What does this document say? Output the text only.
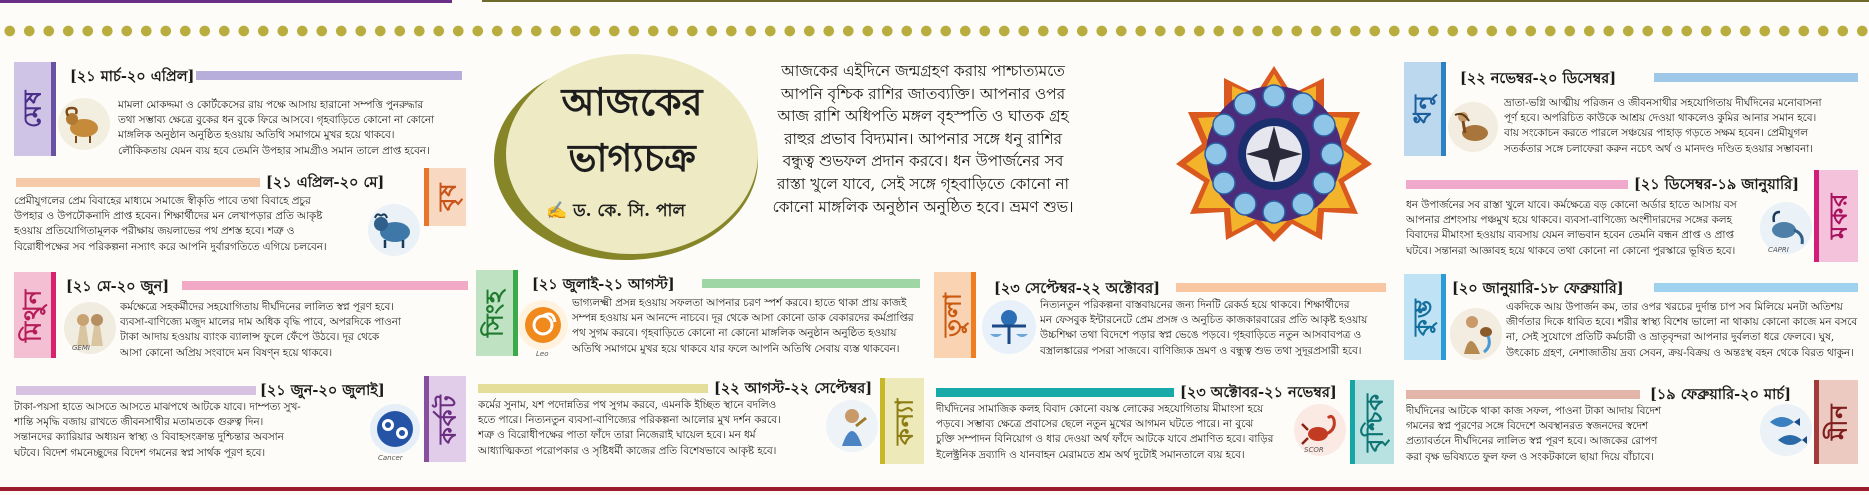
আজকের
ভাগ্যচক্র
✍ ড. কে. সি. পাল
আজকের এইদিনে জন্মগ্রহণ করায় পাশ্চাত্যমতে আপনি বৃশ্চিক রাশির জাতব্যক্তি। আপনার ওপর আজ রাশি অধিপতি মঙ্গল বৃহস্পতি ও ঘাতক গ্রহ রাহুর প্রভাব বিদ্যমান। আপনার সঙ্গে ধনু রাশির বন্ধুত্ব শুভফল প্রদান করবে। ধন উপার্জনের সব রাস্তা খুলে যাবে, সেই সঙ্গে গৃহবাড়িতে কোনো না কোনো মাঙ্গলিক অনুষ্ঠান অনুষ্ঠিত হবে। ভ্রমণ শুভ।
মেষ
[২১ মার্চ-২০ এপ্রিল]
মামলা মোকদ্দমা ও কোর্টকেসের রায় পক্ষে আসায় হারানো সম্পত্তি পুনরুদ্ধার
তথা সম্ভাব্য ক্ষেত্রে বুকের ধন বুকে ফিরে আসবে। গৃহবাড়িতে কোনো না কোনো
মাঙ্গলিক অনুষ্ঠান অনুষ্ঠিত হওয়ায় অতিথি সমাগমে মুখর হয়ে থাকবে।
লৌকিকতায় যেমন ব্যয় হবে তেমনি উপহার সামগ্রীও সমান তালে প্রাপ্ত হবেন।
[২১ এপ্রিল-২০ মে]
বৃষ
প্রেমীযুগলের প্রেম বিবাহের মাধ্যমে সমাজে স্বীকৃতি পাবে তথা বিবাহে প্রচুর
উপহার ও উপঢৌকনাদি প্রাপ্ত হবেন। শিক্ষার্থীদের মন লেখাপড়ার প্রতি আকৃষ্ট
হওয়ায় প্রতিযোগিতামূলক পরীক্ষায় জয়লাভের পথ প্রশস্ত হবে। শত্রু ও
বিরোধীপক্ষের সব পরিকল্পনা নস্যাৎ করে আপনি দুর্বারগতিতে এগিয়ে চলবেন।
মিথুন
[২১ মে-২০ জুন]
GEMI
কর্মক্ষেত্রে সহকর্মীদের সহযোগিতায় দীর্ঘদিনের লালিত স্বপ্ন পূরণ হবে।
ব্যবসা-বাণিজ্যে মজুদ মালের দাম অধিক বৃদ্ধি পাবে, অপরদিকে পাওনা
টাকা আদায় হওয়ায় ব্যাংক ব্যালান্স ফুলে ফেঁপে উঠবে। দূর থেকে
আসা কোনো অপ্রিয় সংবাদে মন বিষণ্ন হয়ে থাকবে।
[২১ জুন-২০ জুলাই]
কর্কট
টাকা-পয়সা হাতে আসতে আসতে মাঝপথে আটকে যাবে। দাম্পত্য সুখ-
শান্তি সমৃদ্ধি বজায় রাখতে জীবনসাথীর মতামতকে গুরুত্ব দিন।
সন্তানদের ক্যারিয়ার অধ্যয়ন স্বাস্থ্য ও বিবাহসংক্রান্ত দুশ্চিন্তার অবসান
ঘটবে। বিদেশ গমনেচ্ছুদের বিদেশ গমনের স্বপ্ন সার্থক পূরণ হবে।	Cancer
সিংহ
[২১ জুলাই-২১ আগস্ট]
Leo
ভাগ্যলক্ষ্মী প্রসন্ন হওয়ায় সফলতা আপনার চরণ স্পর্শ করবে। হাতে থাকা প্রায় কাজই
সম্পন্ন হওয়ায় মন আনন্দে নাচবে। দূর থেকে আসা কোনো ডাক বেকারদের কর্মপ্রাপ্তির
পথ সুগম করবে। গৃহবাড়িতে কোনো না কোনো মাঙ্গলিক অনুষ্ঠান অনুষ্ঠিত হওয়ায়
অতিথি সমাগমে মুখর হয়ে থাকবে যার ফলে আপনি অতিথি সেবায় ব্যস্ত থাকবেন।
[২২ আগস্ট-২২ সেপ্টেম্বর]
কন্যা
কর্মের সুনাম, যশ পদোন্নতির পথ সুগম করবে, এমনকি ইচ্ছিত স্থানে বদলিও
হতে পারে। নিত্যনতুন ব্যবসা-বাণিজ্যের পরিকল্পনা আলোর মুখ দর্শন করবে।
শত্রু ও বিরোধীপক্ষের পাতা ফাঁদে তারা নিজেরাই ঘায়েল হবে। মন ধর্ম
আধ্যাত্মিকতা পরোপকার ও সৃষ্টিধর্মী কাজের প্রতি বিশেষভাবে আকৃষ্ট হবে।
তুলা
[২৩ সেপ্টেম্বর-২২ অক্টোবর]
নিত্যনতুন পরিকল্পনা বাস্তবায়নের জন্য দিনটি রেকর্ড হয়ে থাকবে। শিক্ষার্থীদের
মন ফেসবুক ইন্টারনেটে প্রেম প্রসঙ্গ ও অনুচিত কাজকারবারের প্রতি আকৃষ্ট হওয়ায়
উচ্চশিক্ষা তথা বিদেশে পড়ার স্বপ্ন ভেঙে পড়বে। গৃহবাড়িতে নতুন আসবাবপত্র ও
বস্ত্রালঙ্কারের পসরা সাজবে। বাণিজ্যিক ভ্রমণ ও বন্ধুত্ব শুভ তথা সুদূরপ্রসারী হবে।
[২৩ অক্টোবর-২১ নভেম্বর] বৃশ্চিক
দীর্ঘদিনের সামাজিক কলহ বিবাদ কোনো বয়স্ক লোকের সহযোগিতায় মীমাংসা হয়ে
পড়বে। সম্ভাব্য ক্ষেত্রে প্রবাসের ছেলে নতুন মুখের আগমন ঘটতে পারে। না বুঝে
চুক্তি সম্পাদন বিনিয়োগ ও ধার দেওয়া অর্থ ফাঁদে আটকে যাবে প্রমাণিত হবে। বাড়ির
ইলেক্ট্রনিক দ্রব্যাদি ও যানবাহন মেরামতে শ্রম অর্থ দুটোই সমানতালে ব্যয় হবে।	SCOR
ধনু
[২২ নভেম্বর-২০ ডিসেম্বর]
ভ্রাতা-ভগ্নি আত্মীয় পরিজন ও জীবনসাথীর সহযোগিতায় দীর্ঘদিনের মনোবাসনা
পূর্ণ হবে। অপরিচিত কাউকে আশ্রয় দেওয়া থাকলেও কুমির আনার সমান হবে।
বায় সংকোচন করতে পারলে সঞ্চয়ের পাহাড় গড়তে সক্ষম হবেন। প্রেমীযুগল
সতর্কতার সঙ্গে চলাফেরা করুন নচেৎ অর্থ ও মানদণ্ড দণ্ডিত হওয়ার সম্ভাবনা।
[২১ ডিসেম্বর-১৯ জানুয়ারি]
মকর
ধন উপার্জনের সব রাস্তা খুলে যাবে। কর্মক্ষেত্রে বড় কোনো অর্ডার হাতে আসায় বস
আপনার প্রশংসায় পঞ্চমুখ হয়ে থাকবে। ব্যবসা-বাণিজ্যে অংশীদারদের সঙ্গের কলহ
বিবাদের মীমাংসা হওয়ায় ব্যবসায় যেমন লাভবান হবেন তেমনি বন্ধন প্রাপ্ত ও প্রাপ্ত
ঘটবে। সন্তানরা আজ্ঞাবহ হয়ে থাকবে তথা কোনো না কোনো পুরস্কারে ভূষিত হবে।	CAPRI
কুম্ভ
[২০ জানুয়ারি-১৮ ফেব্রুয়ারি]
একদিকে আয় উপার্জন কম, তার ওপর খরচের দুর্দান্ত চাপ সব মিলিয়ে মনটা অতিশয়
জীর্ণতার দিকে ধাবিত হবে। শরীর স্বাস্থ্য বিশেষ ভালো না থাকায় কোনো কাজে মন বসবে
না, সেই সুযোগে প্রতিটি কর্মচারী ও ভ্রাতৃবৃন্দরা আপনার দুর্বলতা ধরে ফেলবে। ঘুষ,
উৎকোচ গ্রহণ, নেশাজাতীয় দ্রব্য সেবন, ক্রয়-বিক্রয় ও অন্তঃস্থ বহন থেকে বিরত থাকুন।
[১৯ ফেব্রুয়ারি-২০ মার্চ]
মীন
দীর্ঘদিনের আটকে থাকা কাজ সফল, পাওনা টাকা আদায় বিদেশ
গমনের স্বপ্ন পূরণের সঙ্গে বিদেশে অবস্থানরত স্বজনদের স্বদেশ
প্রত্যাবর্তনে দীর্ঘদিনের লালিত স্বপ্ন পূরণ হবে। আজকের রোপণ
করা বৃক্ষ ভবিষ্যতে ফুল ফল ও সংকটকালে ছায়া দিয়ে বাঁচাবে।
